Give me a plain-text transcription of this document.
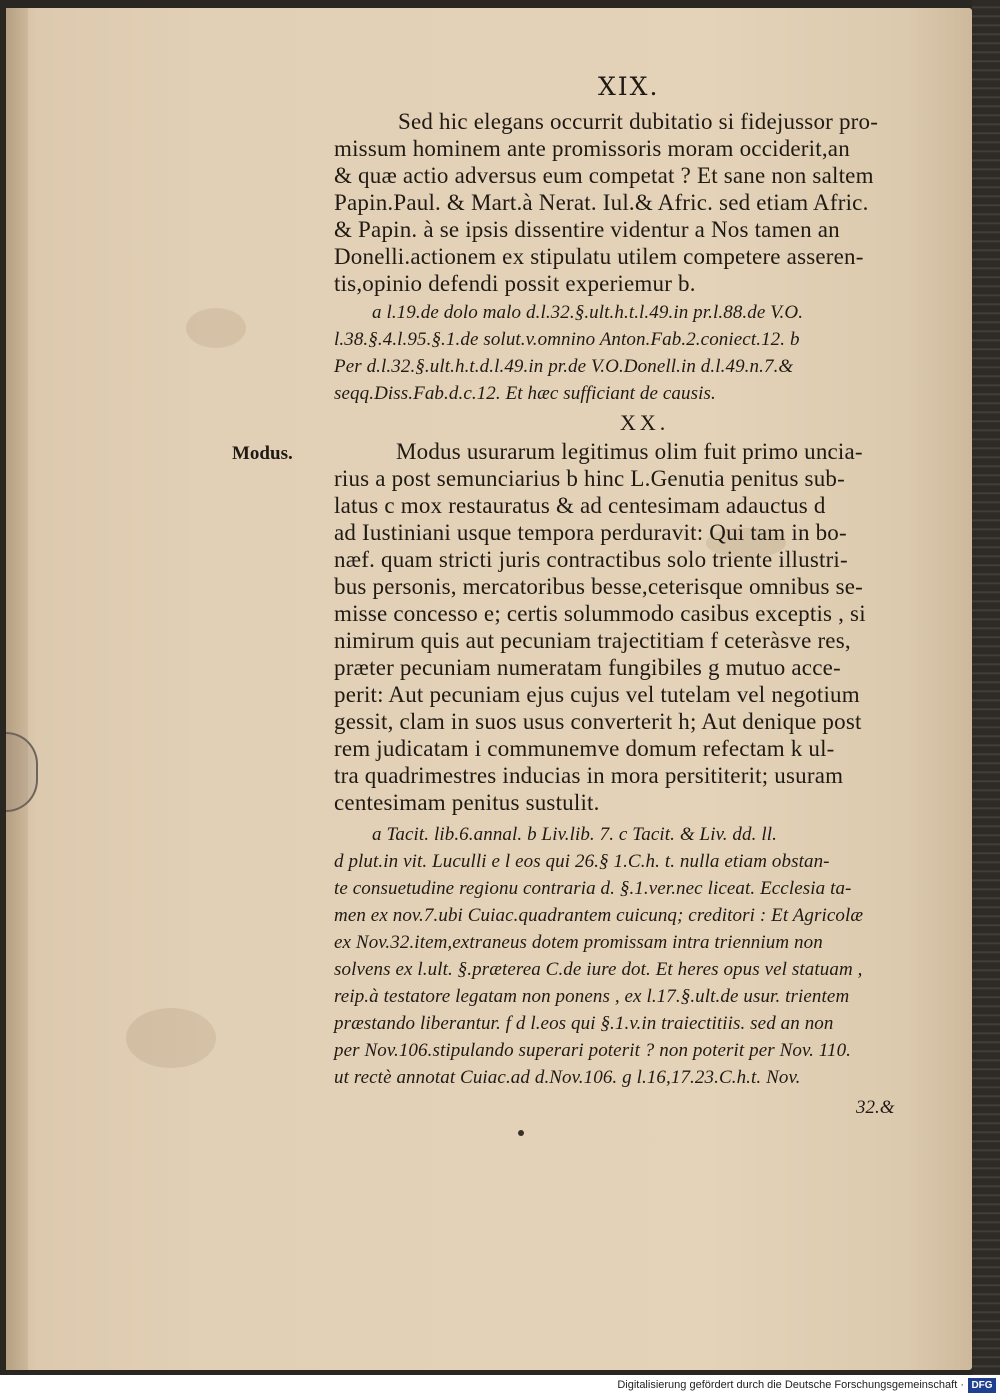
XIX.
Sed hic elegans occurrit dubitatio si fidejussor pro-
missum hominem ante promissoris moram occiderit,an
& quæ actio adversus eum competat ? Et sane non saltem
Papin.Paul. & Mart.à Nerat. Iul.& Afric. sed etiam Afric.
& Papin. à se ipsis dissentire videntur a Nos tamen an
Donelli.actionem ex stipulatu utilem competere asseren-
tis,opinio defendi possit experiemur b.
a l.19.de dolo malo d.l.32.§.ult.h.t.l.49.in pr.l.88.de V.O.
l.38.§.4.l.95.§.1.de solut.v.omnino Anton.Fab.2.coniect.12. b
Per d.l.32.§.ult.h.t.d.l.49.in pr.de V.O.Donell.in d.l.49.n.7.&
seqq.Diss.Fab.d.c.12. Et hæc sufficiant de causis.
XX.
Modus.	Modus usurarum legitimus olim fuit primo uncia-
rius a post semunciarius b hinc L.Genutia penitus sub-
latus c mox restauratus & ad centesimam adauctus d
ad Iustiniani usque tempora perduravit: Qui tam in bo-
næf. quam stricti juris contractibus solo triente illustri-
bus personis, mercatoribus besse,ceterisque omnibus se-
misse concesso e; certis solummodo casibus exceptis , si
nimirum quis aut pecuniam trajectitiam f ceteràsve res,
præter pecuniam numeratam fungibiles g mutuo acce-
perit: Aut pecuniam ejus cujus vel tutelam vel negotium
gessit, clam in suos usus converterit h; Aut denique post
rem judicatam i communemve domum refectam k ul-
tra quadrimestres inducias in mora persititerit; usuram
centesimam penitus sustulit.
a Tacit. lib.6.annal. b Liv.lib. 7. c Tacit. & Liv. dd. ll.
d plut.in vit. Luculli e l eos qui 26.§ 1.C.h. t. nulla etiam obstan-
te consuetudine regionu contraria d. §.1.ver.nec liceat. Ecclesia ta-
men ex nov.7.ubi Cuiac.quadrantem cuicunq; creditori : Et Agricolæ
ex Nov.32.item,extraneus dotem promissam intra triennium non
solvens ex l.ult. §.præterea C.de iure dot. Et heres opus vel statuam ,
reip.à testatore legatam non ponens , ex l.17.§.ult.de usur. trientem
præstando liberantur. f d l.eos qui §.1.v.in traiectitiis. sed an non
per Nov.106.stipulando superari poterit ? non poterit per Nov. 110.
ut rectè annotat Cuiac.ad d.Nov.106. g l.16,17.23.C.h.t. Nov.
32.&
Digitalisierung gefördert durch die Deutsche Forschungsgemeinschaft · DFG
